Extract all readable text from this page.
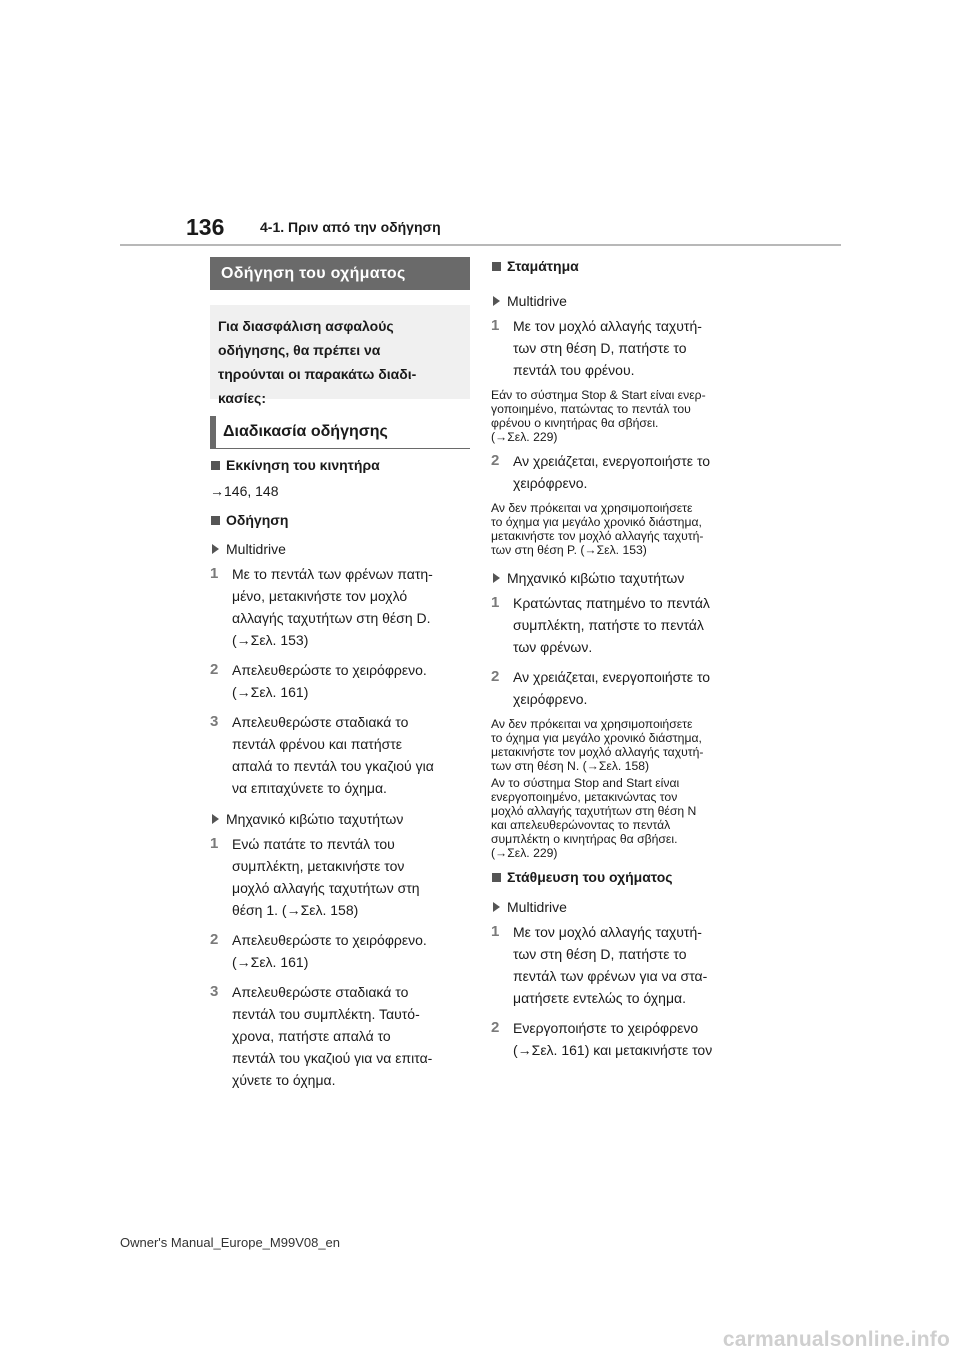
136	4-1. Πριν από την οδήγηση
Οδήγηση του οχήματος
Για διασφάλιση ασφαλούς
οδήγησης, θα πρέπει να
τηρούνται οι παρακάτω διαδι-
κασίες:
Διαδικασία οδήγησης
Εκκίνηση του κινητήρα
→146, 148
Οδήγηση
Multidrive
1 Με το πεντάλ των φρένων πατη-
μένο, μετακινήστε τον μοχλό
αλλαγής ταχυτήτων στη θέση D.
(→Σελ. 153)
2 Απελευθερώστε το χειρόφρενο.
(→Σελ. 161)
3 Απελευθερώστε σταδιακά το
πεντάλ φρένου και πατήστε
απαλά το πεντάλ του γκαζιού για
να επιταχύνετε το όχημα.
Μηχανικό κιβώτιο ταχυτήτων
1 Ενώ πατάτε το πεντάλ του
συμπλέκτη, μετακινήστε τον
μοχλό αλλαγής ταχυτήτων στη
θέση 1. (→Σελ. 158)
2 Απελευθερώστε το χειρόφρενο.
(→Σελ. 161)
3 Απελευθερώστε σταδιακά το
πεντάλ του συμπλέκτη. Ταυτό-
χρονα, πατήστε απαλά το
πεντάλ του γκαζιού για να επιτα-
χύνετε το όχημα.
Σταμάτημα
Multidrive
1 Με τον μοχλό αλλαγής ταχυτή-
των στη θέση D, πατήστε το
πεντάλ του φρένου.
Εάν το σύστημα Stop & Start είναι ενερ-
γοποιημένο, πατώντας το πεντάλ του
φρένου ο κινητήρας θα σβήσει.
(→Σελ. 229)
2 Αν χρειάζεται, ενεργοποιήστε το
χειρόφρενο.
Αν δεν πρόκειται να χρησιμοποιήσετε
το όχημα για μεγάλο χρονικό διάστημα,
μετακινήστε τον μοχλό αλλαγής ταχυτή-
των στη θέση P. (→Σελ. 153)
Μηχανικό κιβώτιο ταχυτήτων
1 Κρατώντας πατημένο το πεντάλ
συμπλέκτη, πατήστε το πεντάλ
των φρένων.
2 Αν χρειάζεται, ενεργοποιήστε το
χειρόφρενο.
Αν δεν πρόκειται να χρησιμοποιήσετε
το όχημα για μεγάλο χρονικό διάστημα,
μετακινήστε τον μοχλό αλλαγής ταχυτή-
των στη θέση N. (→Σελ. 158)
Αν το σύστημα Stop and Start είναι
ενεργοποιημένο, μετακινώντας τον
μοχλό αλλαγής ταχυτήτων στη θέση N
και απελευθερώνοντας το πεντάλ
συμπλέκτη ο κινητήρας θα σβήσει.
(→Σελ. 229)
Στάθμευση του οχήματος
Multidrive
1 Με τον μοχλό αλλαγής ταχυτή-
των στη θέση D, πατήστε το
πεντάλ των φρένων για να στα-
ματήσετε εντελώς το όχημα.
2 Ενεργοποιήστε το χειρόφρενο
(→Σελ. 161) και μετακινήστε τον
Owner's Manual_Europe_M99V08_en
carmanualsonline.info
